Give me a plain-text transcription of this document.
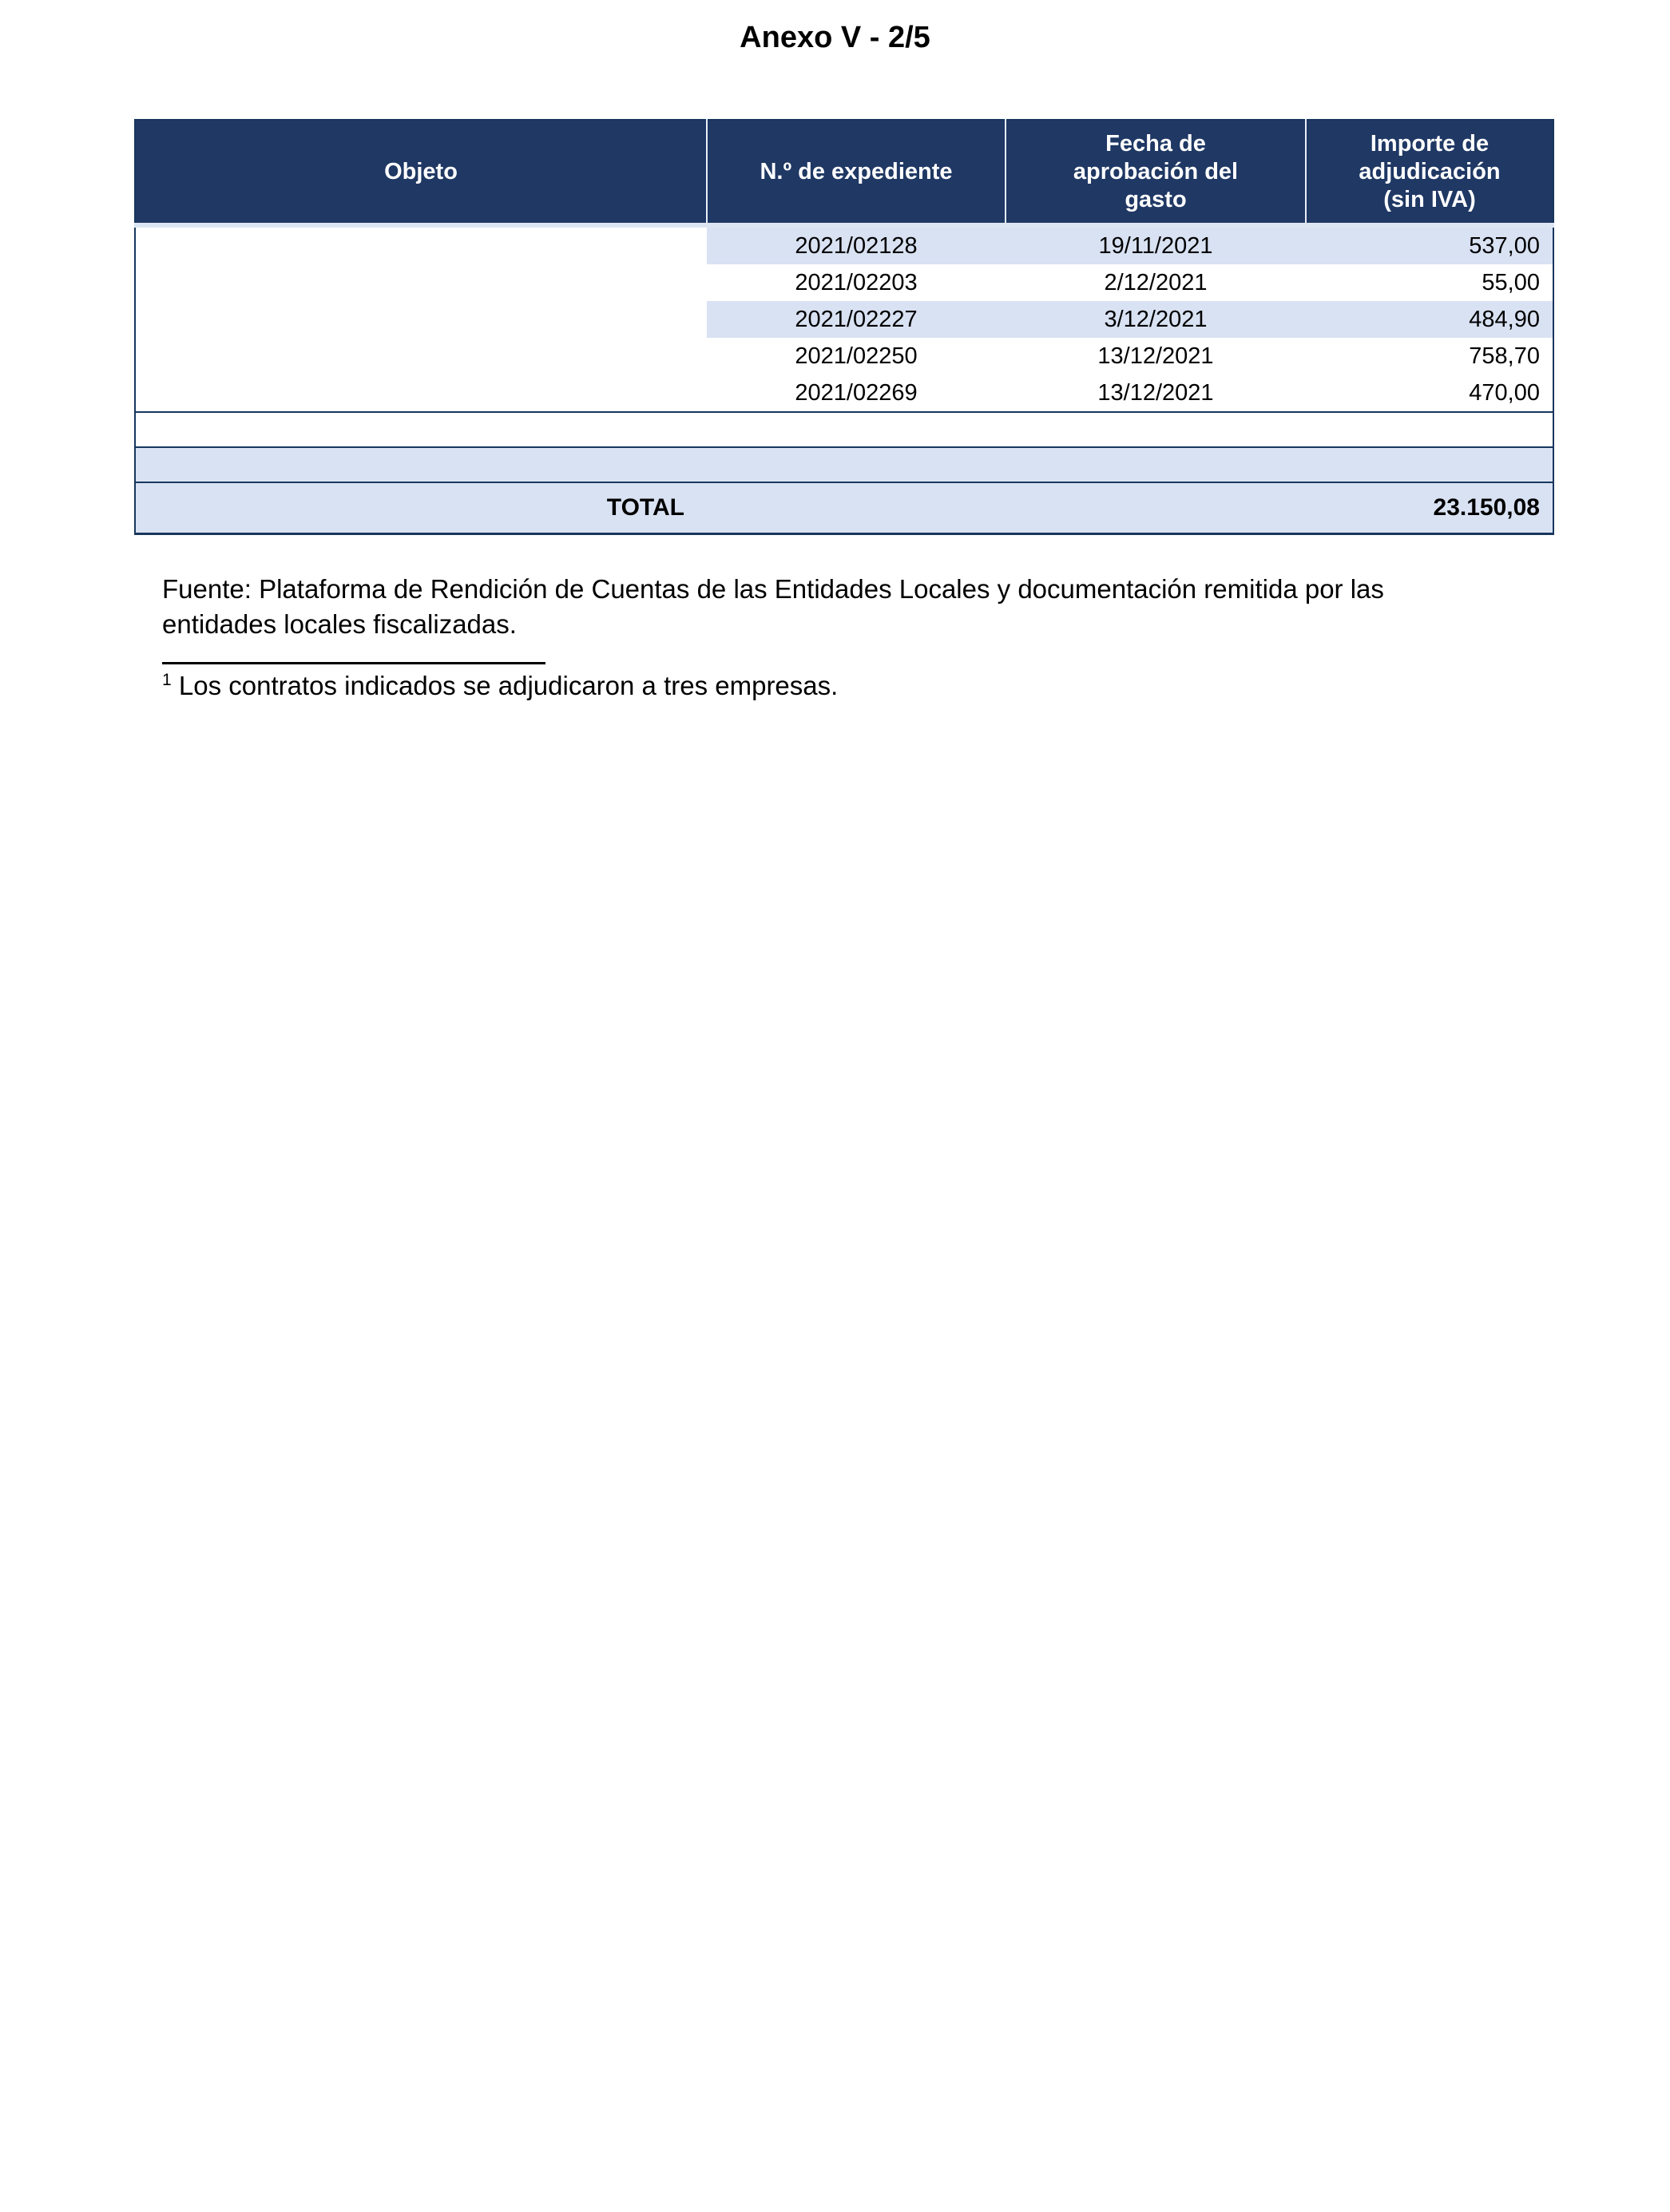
Anexo V - 2/5
Objeto	N.º de expediente	Fecha de aprobación del gasto	Importe de adjudicación (sin IVA)
	2021/02128	19/11/2021	537,00
	2021/02203	2/12/2021	55,00
	2021/02227	3/12/2021	484,90
	2021/02250	13/12/2021	758,70
	2021/02269	13/12/2021	470,00

TOTAL			23.150,08

Fuente: Plataforma de Rendición de Cuentas de las Entidades Locales y documentación remitida por las entidades locales fiscalizadas.

$^1$ Los contratos indicados se adjudicaron a tres empresas.
